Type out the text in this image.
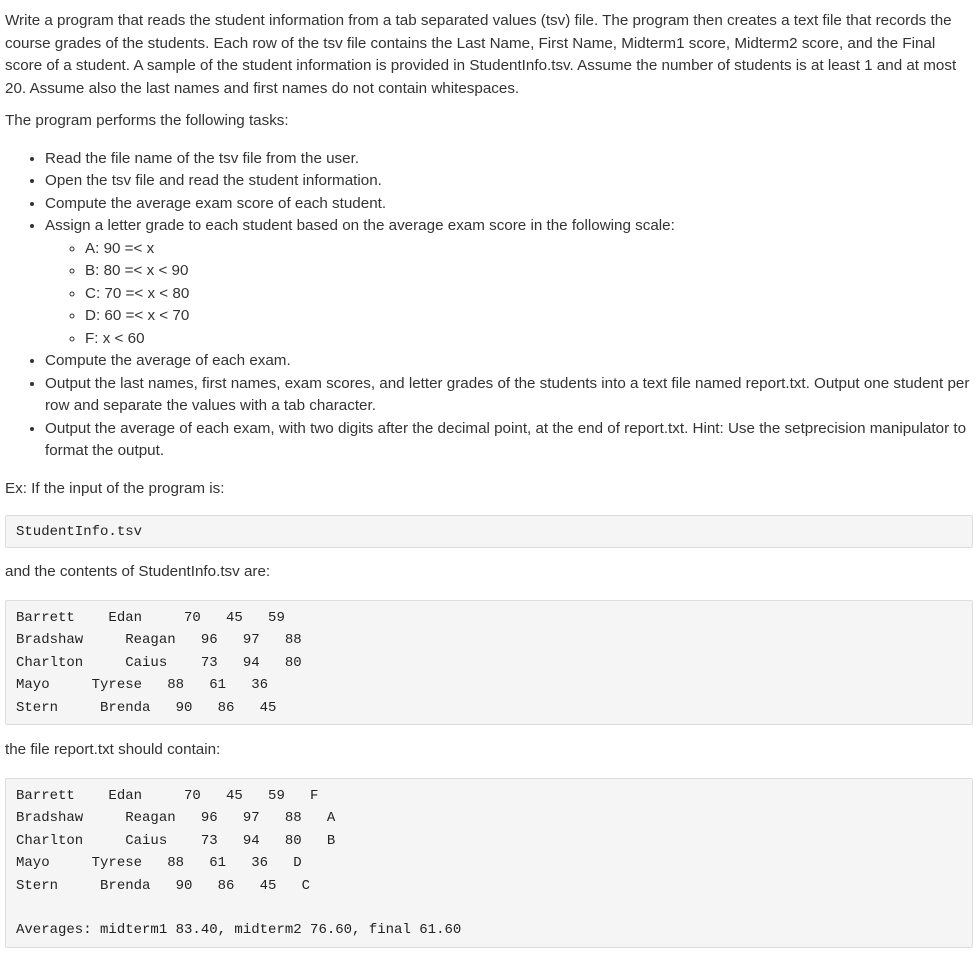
Write a program that reads the student information from a tab separated values (tsv) file. The program then creates a text file that records the course grades of the students. Each row of the tsv file contains the Last Name, First Name, Midterm1 score, Midterm2 score, and the Final score of a student. A sample of the student information is provided in StudentInfo.tsv. Assume the number of students is at least 1 and at most 20. Assume also the last names and first names do not contain whitespaces.

The program performs the following tasks:

• Read the file name of the tsv file from the user.
• Open the tsv file and read the student information.
• Compute the average exam score of each student.
• Assign a letter grade to each student based on the average exam score in the following scale:
◦ A: 90 =< x
◦ B: 80 =< x < 90
◦ C: 70 =< x < 80
◦ D: 60 =< x < 70
◦ F: x < 60
• Compute the average of each exam.
• Output the last names, first names, exam scores, and letter grades of the students into a text file named report.txt. Output one student per row and separate the values with a tab character.
• Output the average of each exam, with two digits after the decimal point, at the end of report.txt. Hint: Use the setprecision manipulator to format the output.

Ex: If the input of the program is:

StudentInfo.tsv

and the contents of StudentInfo.tsv are:

Barrett    Edan     70   45   59
Bradshaw     Reagan   96   97   88
Charlton     Caius    73   94   80
Mayo     Tyrese   88   61   36
Stern     Brenda   90   86   45

the file report.txt should contain:

Barrett    Edan     70   45   59   F
Bradshaw     Reagan   96   97   88   A
Charlton     Caius    73   94   80   B
Mayo     Tyrese   88   61   36   D
Stern     Brenda   90   86   45   C
Averages: midterm1 83.40, midterm2 76.60, final 61.60
